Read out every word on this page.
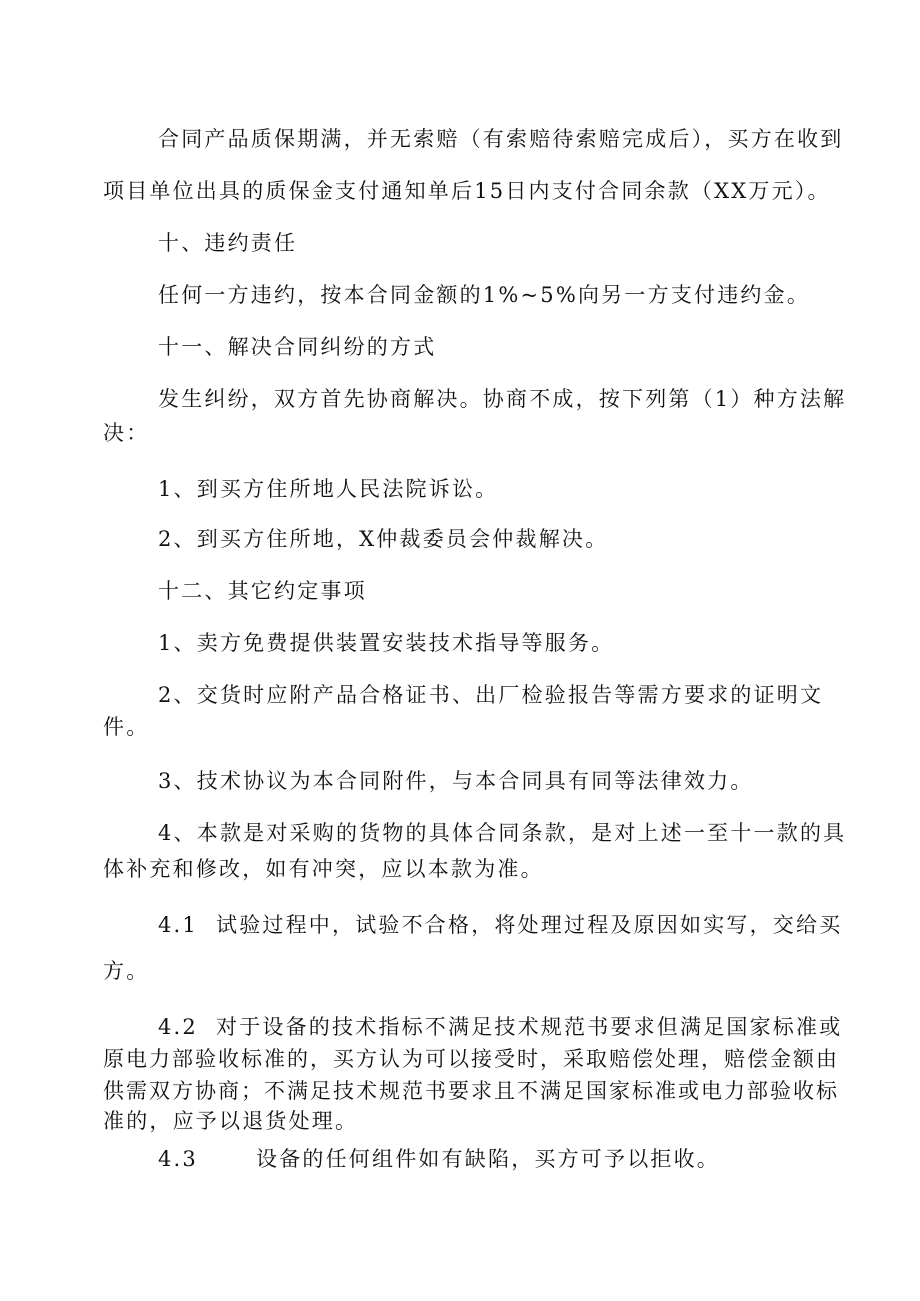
合同产品质保期满，并无索赔（有索赔待索赔完成后），买方在收到
项目单位出具的质保金支付通知单后15日内支付合同余款（XX万元）。
十、违约责任
任何一方违约，按本合同金额的1%~5%向另一方支付违约金。
十一、解决合同纠纷的方式
发生纠纷，双方首先协商解决。协商不成，按下列第（1）种方法解
决：
1、到买方住所地人民法院诉讼。
2、到买方住所地，X仲裁委员会仲裁解决。
十二、其它约定事项
1、卖方免费提供装置安装技术指导等服务。
2、交货时应附产品合格证书、出厂检验报告等需方要求的证明文
件。
3、技术协议为本合同附件，与本合同具有同等法律效力。
4、本款是对采购的货物的具体合同条款，是对上述一至十一款的具
体补充和修改，如有冲突，应以本款为准。
4.1 试验过程中，试验不合格，将处理过程及原因如实写，交给买
方。
4.2 对于设备的技术指标不满足技术规范书要求但满足国家标准或
原电力部验收标准的，买方认为可以接受时，采取赔偿处理，赔偿金额由
供需双方协商；不满足技术规范书要求且不满足国家标准或电力部验收标
准的，应予以退货处理。
4.3	设备的任何组件如有缺陷，买方可予以拒收。
